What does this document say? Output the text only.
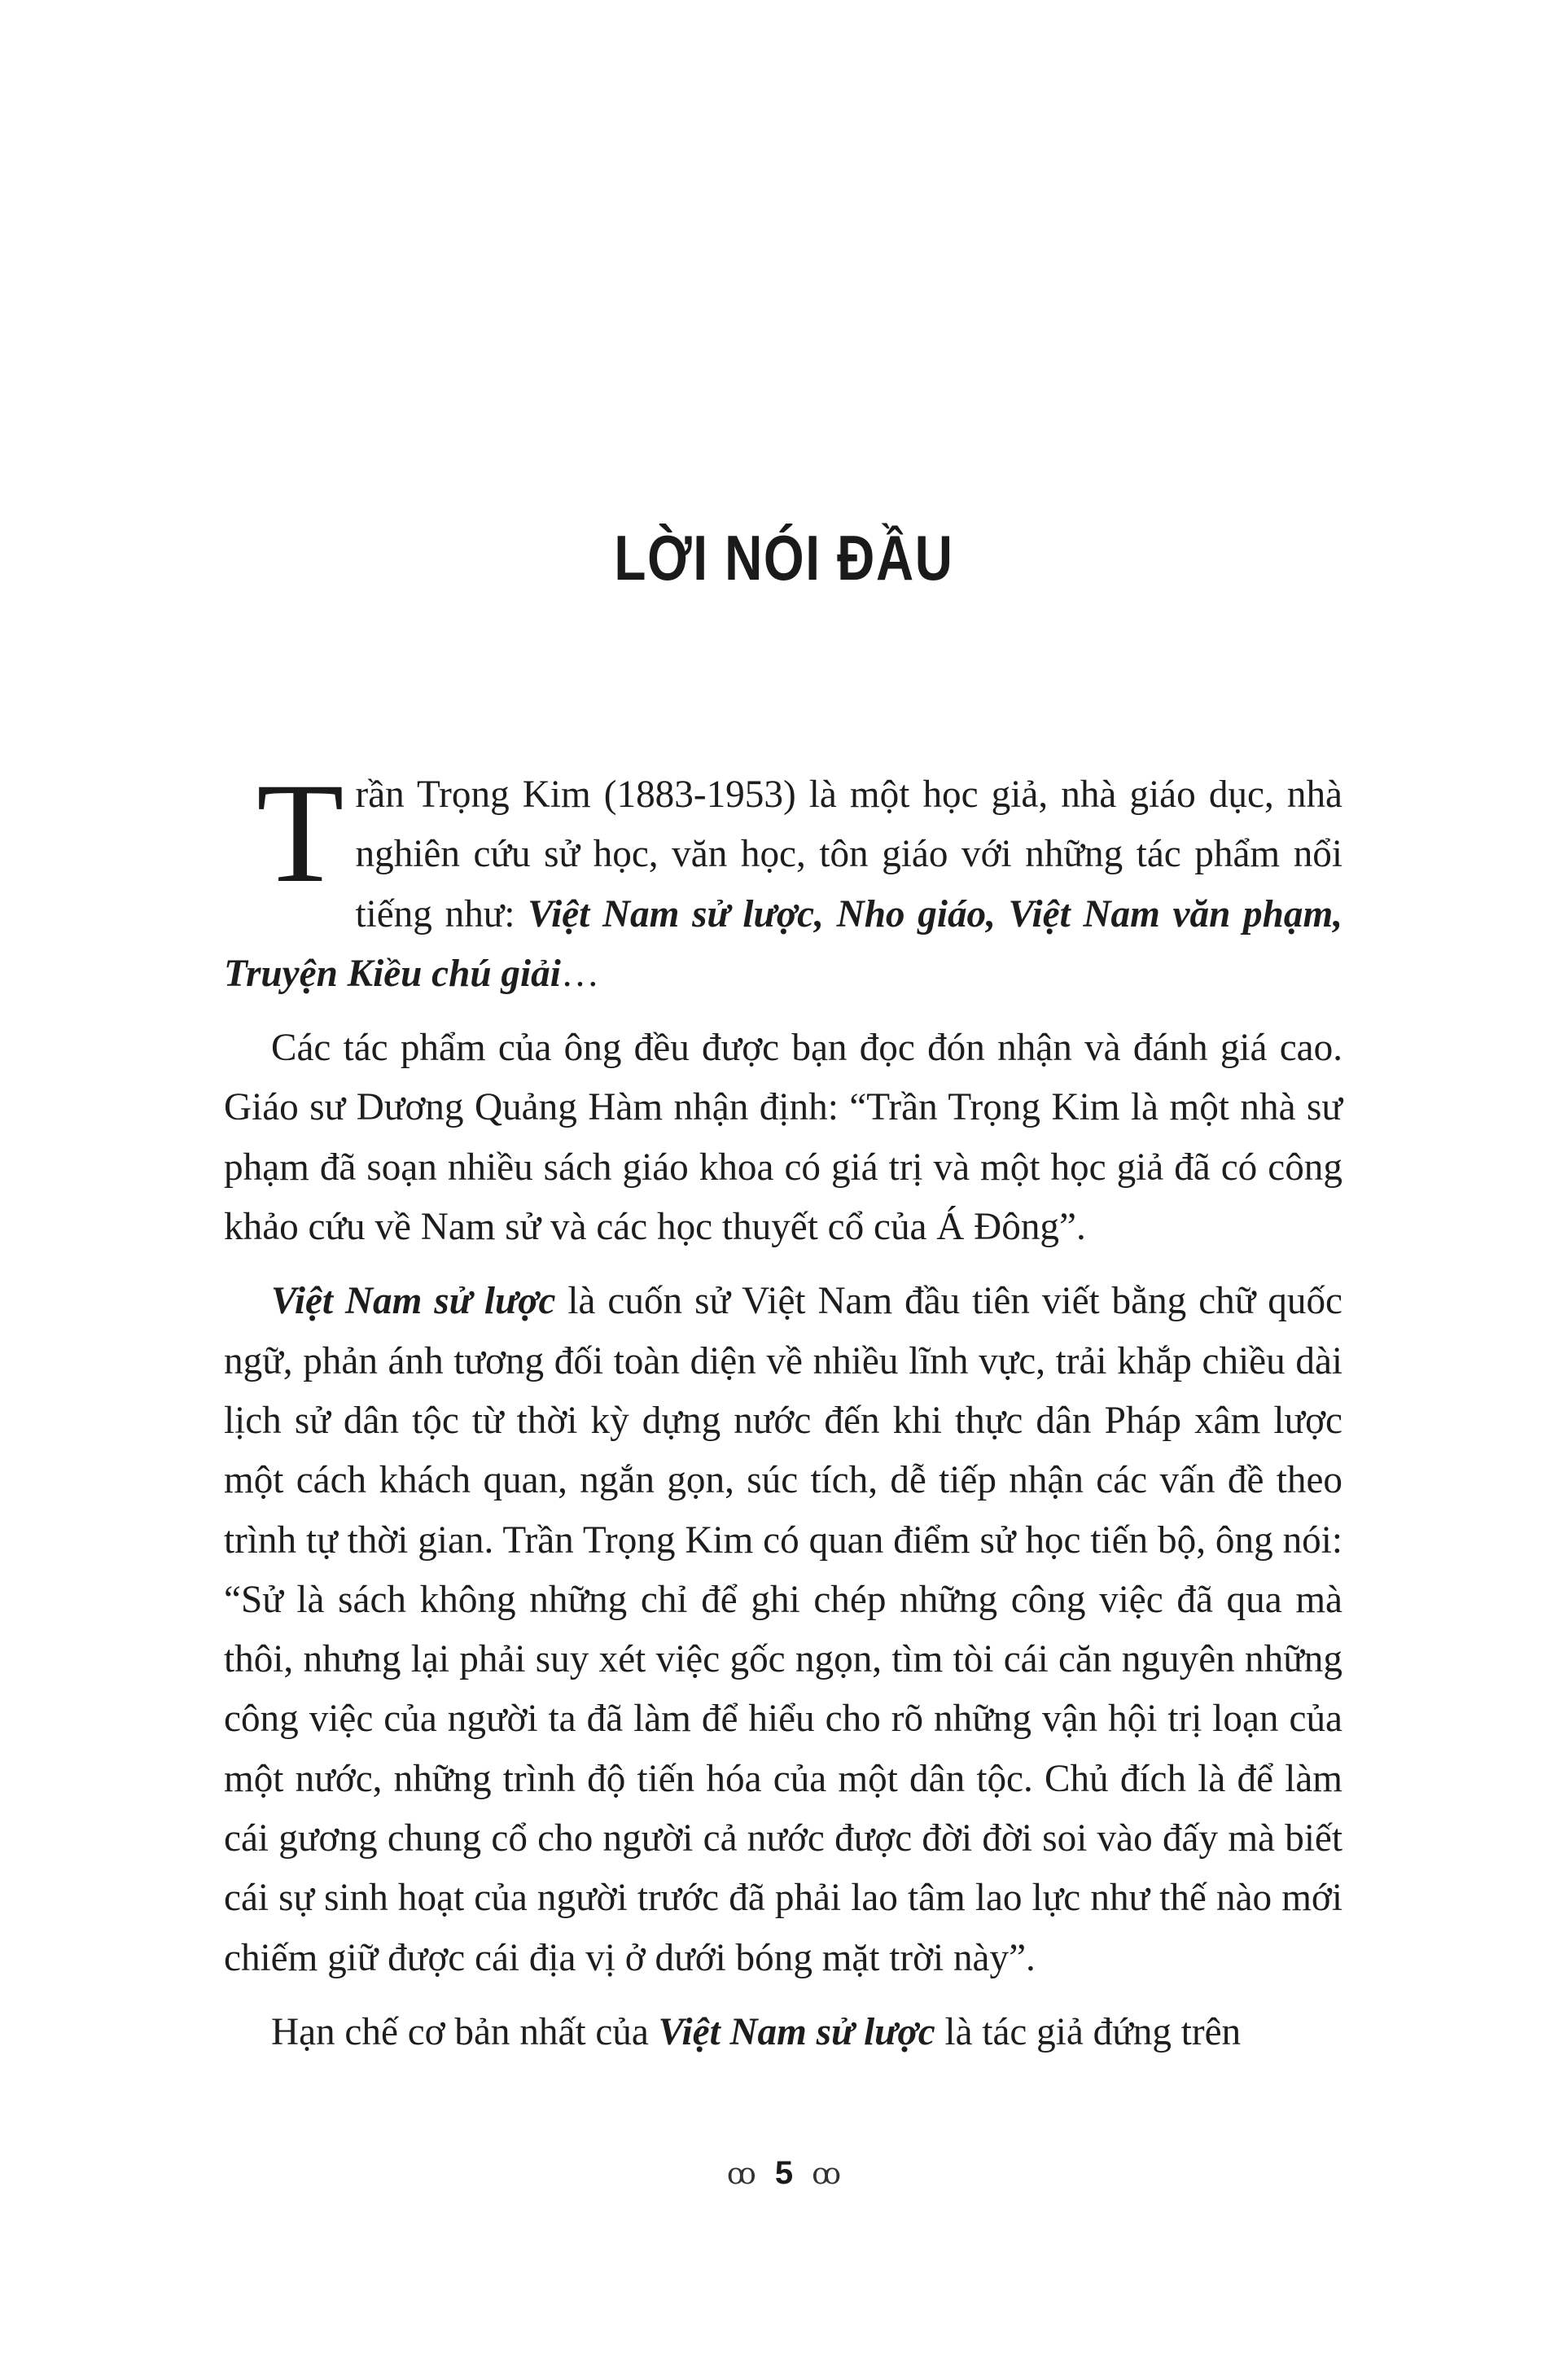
LỜI NÓI ĐẦU

Trần Trọng Kim (1883-1953) là một học giả, nhà giáo dục, nhà nghiên cứu sử học, văn học, tôn giáo với những tác phẩm nổi tiếng như: Việt Nam sử lược, Nho giáo, Việt Nam văn phạm, Truyện Kiều chú giải…

Các tác phẩm của ông đều được bạn đọc đón nhận và đánh giá cao. Giáo sư Dương Quảng Hàm nhận định: “Trần Trọng Kim là một nhà sư phạm đã soạn nhiều sách giáo khoa có giá trị và một học giả đã có công khảo cứu về Nam sử và các học thuyết cổ của Á Đông”.

Việt Nam sử lược là cuốn sử Việt Nam đầu tiên viết bằng chữ quốc ngữ, phản ánh tương đối toàn diện về nhiều lĩnh vực, trải khắp chiều dài lịch sử dân tộc từ thời kỳ dựng nước đến khi thực dân Pháp xâm lược một cách khách quan, ngắn gọn, súc tích, dễ tiếp nhận các vấn đề theo trình tự thời gian. Trần Trọng Kim có quan điểm sử học tiến bộ, ông nói: “Sử là sách không những chỉ để ghi chép những công việc đã qua mà thôi, nhưng lại phải suy xét việc gốc ngọn, tìm tòi cái căn nguyên những công việc của người ta đã làm để hiểu cho rõ những vận hội trị loạn của một nước, những trình độ tiến hóa của một dân tộc. Chủ đích là để làm cái gương chung cổ cho người cả nước được đời đời soi vào đấy mà biết cái sự sinh hoạt của người trước đã phải lao tâm lao lực như thế nào mới chiếm giữ được cái địa vị ở dưới bóng mặt trời này”.

Hạn chế cơ bản nhất của Việt Nam sử lược là tác giả đứng trên

ꝏ 5 ꝏ
